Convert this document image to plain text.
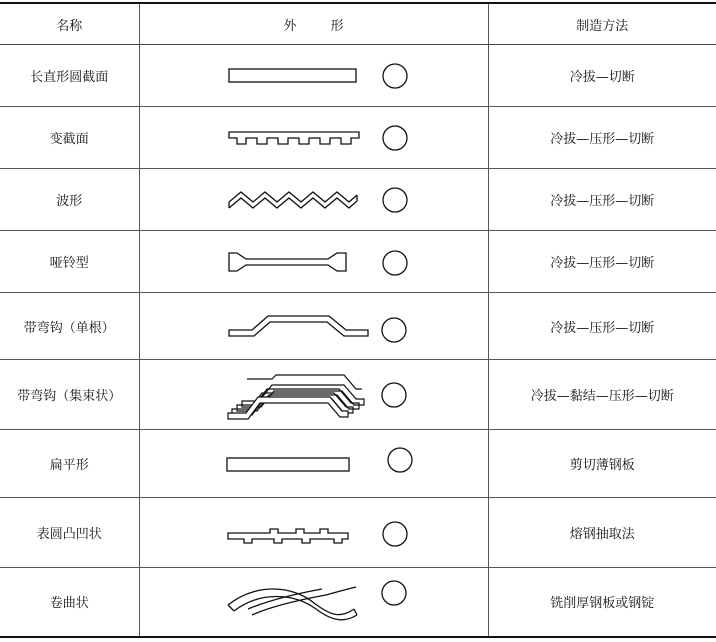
名称	外 形	制造方法
长直形圆截面		冷拔—切断
变截面		冷拔—压形—切断
波形		冷拔—压形—切断
哑铃型		冷拔—压形—切断
带弯钩（单根）		冷拔—压形—切断
带弯钩（集束状）		冷拔—黏结—压形—切断
扁平形		剪切薄钢板
表圆凸凹状		熔钢抽取法
卷曲状		铣削厚钢板或钢锭
